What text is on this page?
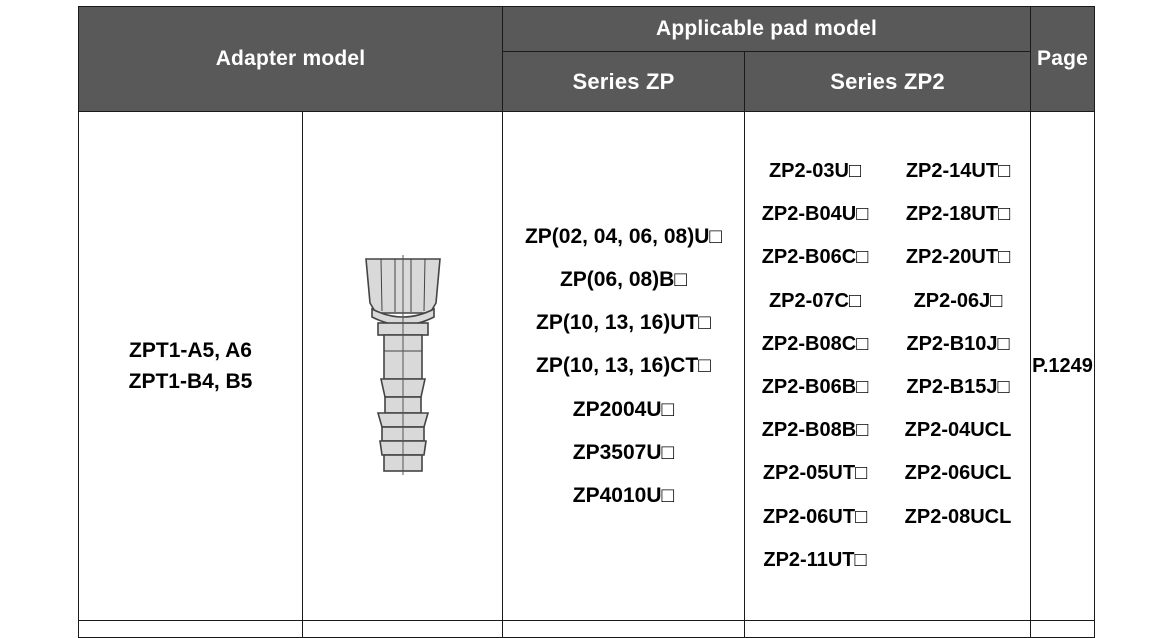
Adapter model		Applicable pad model		Page
		Series ZP	Series ZP2	

ZPT1-A5, A6
ZPT1-B4, B5

ZP(02, 04, 06, 08)U□
ZP(06, 08)B□
ZP(10, 13, 16)UT□
ZP(10, 13, 16)CT□
ZP2004U□
ZP3507U□
ZP4010U□

ZP2-03U□	ZP2-14UT□
ZP2-B04U□	ZP2-18UT□
ZP2-B06C□	ZP2-20UT□
ZP2-07C□	ZP2-06J□
ZP2-B08C□	ZP2-B10J□
ZP2-B06B□	ZP2-B15J□
ZP2-B08B□	ZP2-04UCL
ZP2-05UT□	ZP2-06UCL
ZP2-06UT□	ZP2-08UCL
ZP2-11UT□
	P.1249
